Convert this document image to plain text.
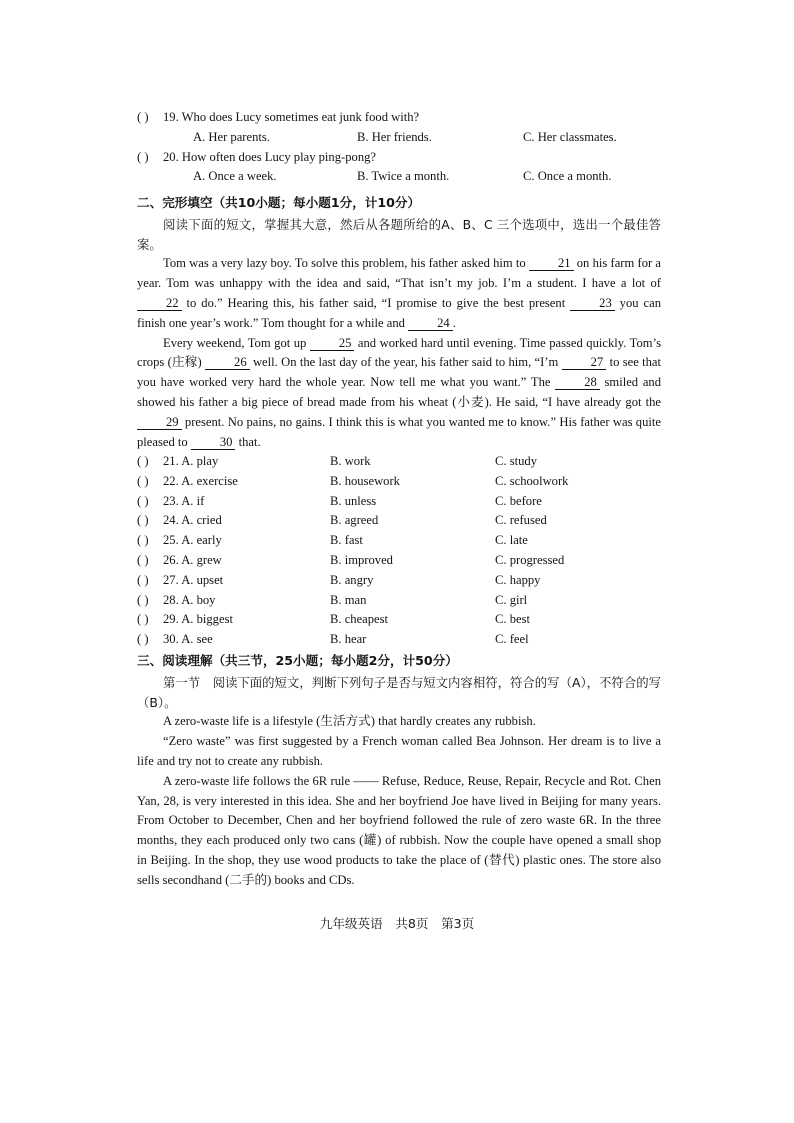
( ) 19. Who does Lucy sometimes eat junk food with?
A. Her parents.	B. Her friends.	C. Her classmates.
( ) 20. How often does Lucy play ping-pong?
A. Once a week.	B. Twice a month.	C. Once a month.
二、完形填空（共10小题；每小题1分，计10分）

阅读下面的短文，掌握其大意，然后从各题所给的A、B、C 三个选项中，选出一个最佳答案。

Tom was a very lazy boy. To solve this problem, his father asked him to 21 on his farm for a year. Tom was unhappy with the idea and said, “That isn’t my job. I’m a student. I have a lot of 22 to do.” Hearing this, his father said, “I promise to give the best present 23 you can finish one year’s work.” Tom thought for a while and 24 .

Every weekend, Tom got up 25 and worked hard until evening. Time passed quickly. Tom’s crops (庄稼) 26 well. On the last day of the year, his father said to him, “I’m 27 to see that you have worked very hard the whole year. Now tell me what you want.” The 28 smiled and showed his father a big piece of bread made from his wheat (小麦). He said, “I have already got the 29 present. No pains, no gains. I think this is what you wanted me to know.” His father was quite pleased to 30 that.

( ) 21. A. play	B. work	C. study
( ) 22. A. exercise	B. housework	C. schoolwork
( ) 23. A. if	B. unless	C. before
( ) 24. A. cried	B. agreed	C. refused
( ) 25. A. early	B. fast	C. late
( ) 26. A. grew	B. improved	C. progressed
( ) 27. A. upset	B. angry	C. happy
( ) 28. A. boy	B. man	C. girl
( ) 29. A. biggest	B. cheapest	C. best
( ) 30. A. see	B. hear	C. feel
三、阅读理解（共三节，25小题；每小题2分，计50分）

第一节　阅读下面的短文，判断下列句子是否与短文内容相符，符合的写（A），不符合的写（B）。

A zero-waste life is a lifestyle (生活方式) that hardly creates any rubbish.

“Zero waste” was first suggested by a French woman called Bea Johnson. Her dream is to live a life and try not to create any rubbish.

A zero-waste life follows the 6R rule —— Refuse, Reduce, Reuse, Repair, Recycle and Rot. Chen Yan, 28, is very interested in this idea. She and her boyfriend Joe have lived in Beijing for many years. From October to December, Chen and her boyfriend followed the rule of zero waste 6R. In the three months, they each produced only two cans (罐) of rubbish. Now the couple have opened a small shop in Beijing. In the shop, they use wood products to take the place of (替代) plastic ones. The store also sells secondhand (二手的) books and CDs.

九年级英语　共8页　第3页
